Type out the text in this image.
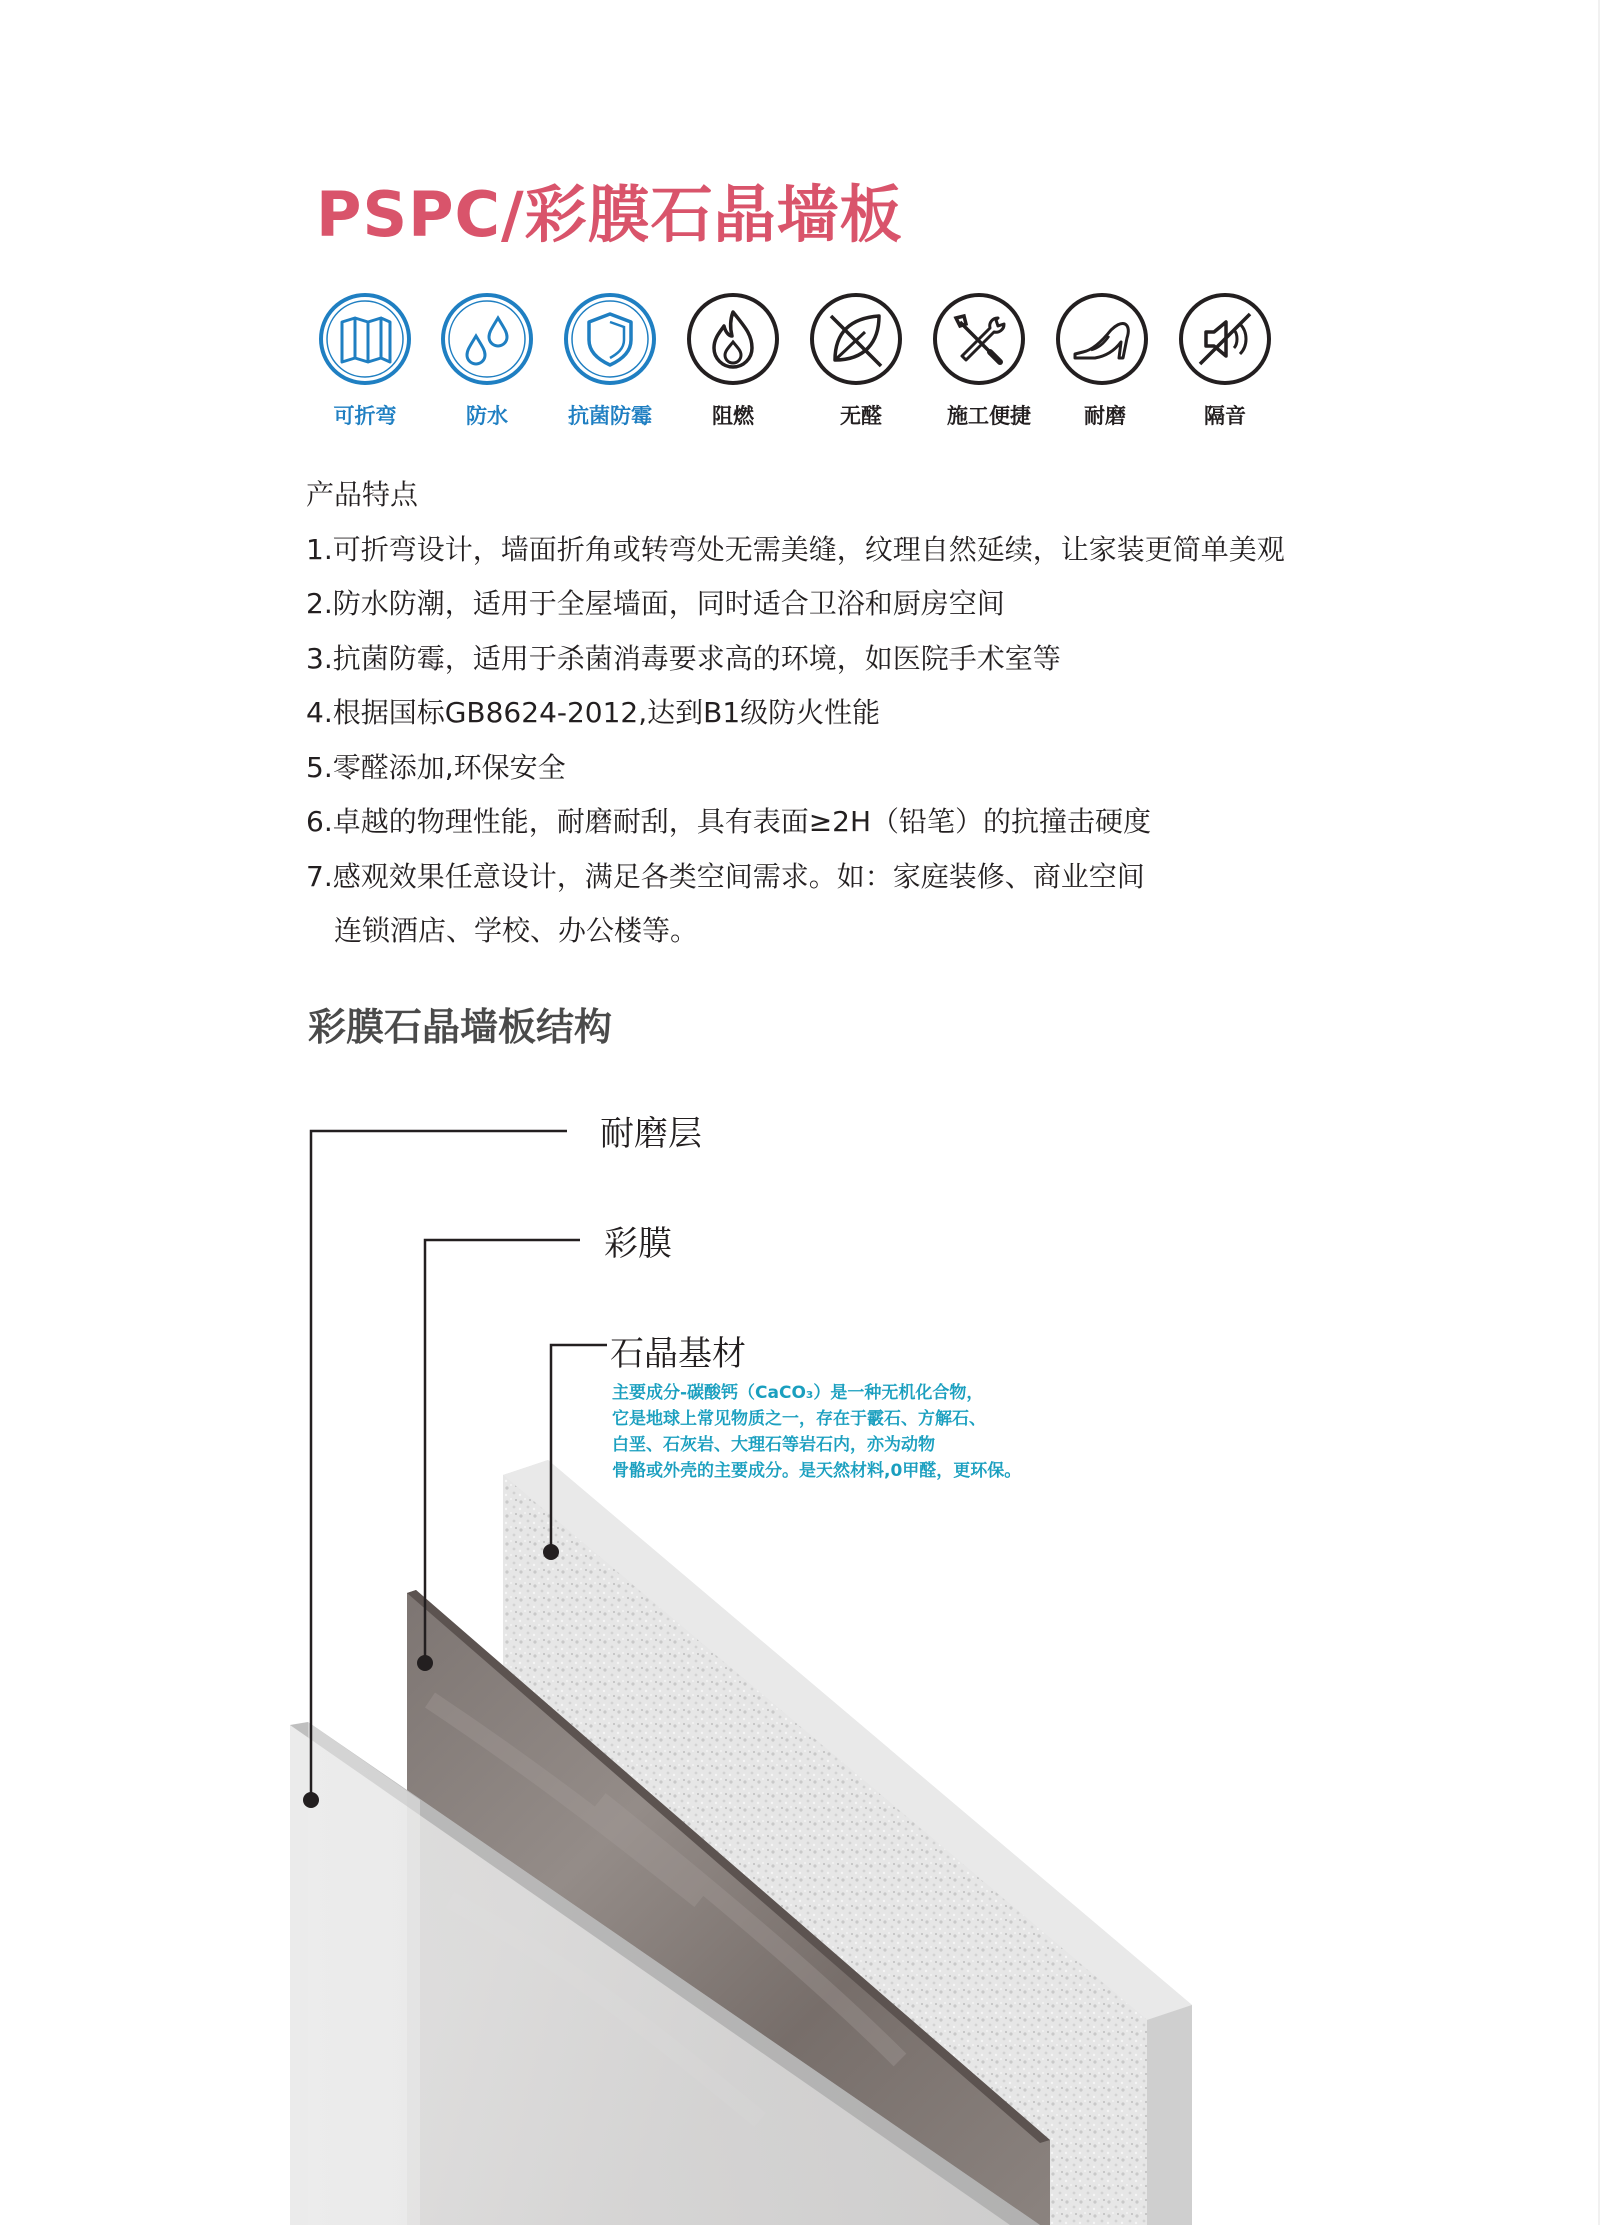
PSPC/彩膜石晶墙板
可折弯	防水	抗菌防霉	阻燃	无醛	施工便捷	耐磨	隔音
产品特点
1.可折弯设计，墙面折角或转弯处无需美缝，纹理自然延续，让家装更简单美观
2.防水防潮，适用于全屋墙面，同时适合卫浴和厨房空间
3.抗菌防霉，适用于杀菌消毒要求高的环境，如医院手术室等
4.根据国标GB8624-2012,达到B1级防火性能
5.零醛添加,环保安全
6.卓越的物理性能，耐磨耐刮，具有表面≥2H（铅笔）的抗撞击硬度
7.感观效果任意设计，满足各类空间需求。如：家庭装修、商业空间
连锁酒店、学校、办公楼等。
彩膜石晶墙板结构
耐磨层
彩膜
石晶基材
主要成分-碳酸钙（CaCO₃）是一种无机化合物，
它是地球上常见物质之一，存在于霰石、方解石、
白垩、石灰岩、大理石等岩石内，亦为动物
骨骼或外壳的主要成分。是天然材料,0甲醛，更环保。
